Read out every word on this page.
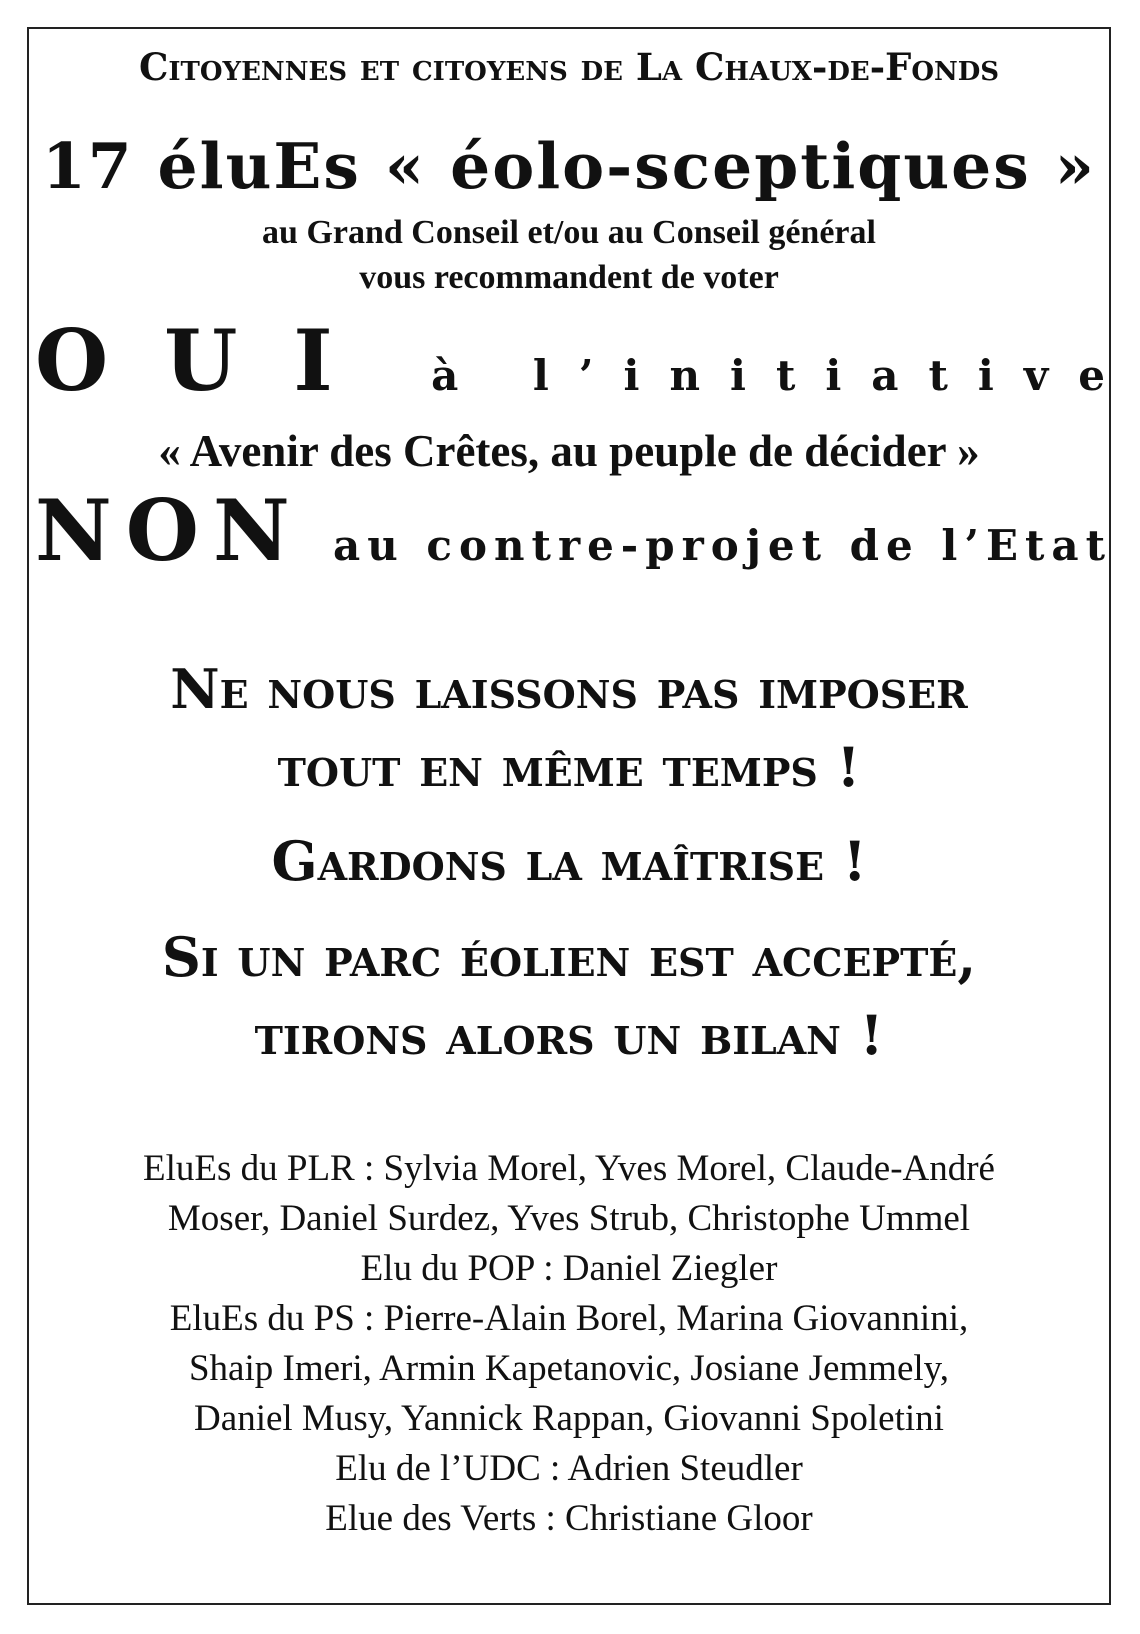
Citoyennes et citoyens de La Chaux-de-Fonds

17 éluEs « éolo-sceptiques »

au Grand Conseil et/ou au Conseil général

vous recommandent de voter

OUI à l’initiative

« Avenir des Crêtes, au peuple de décider »

NON au contre-projet de l’Etat

Ne nous laissons pas imposer

tout en même temps !

Gardons la maîtrise !

Si un parc éolien est accepté,

tirons alors un bilan !

EluEs du PLR : Sylvia Morel, Yves Morel, Claude-André

Moser, Daniel Surdez, Yves Strub, Christophe Ummel

Elu du POP : Daniel Ziegler

EluEs du PS : Pierre-Alain Borel, Marina Giovannini,

Shaip Imeri, Armin Kapetanovic, Josiane Jemmely,

Daniel Musy, Yannick Rappan, Giovanni Spoletini

Elu de l’UDC : Adrien Steudler

Elue des Verts : Christiane Gloor
